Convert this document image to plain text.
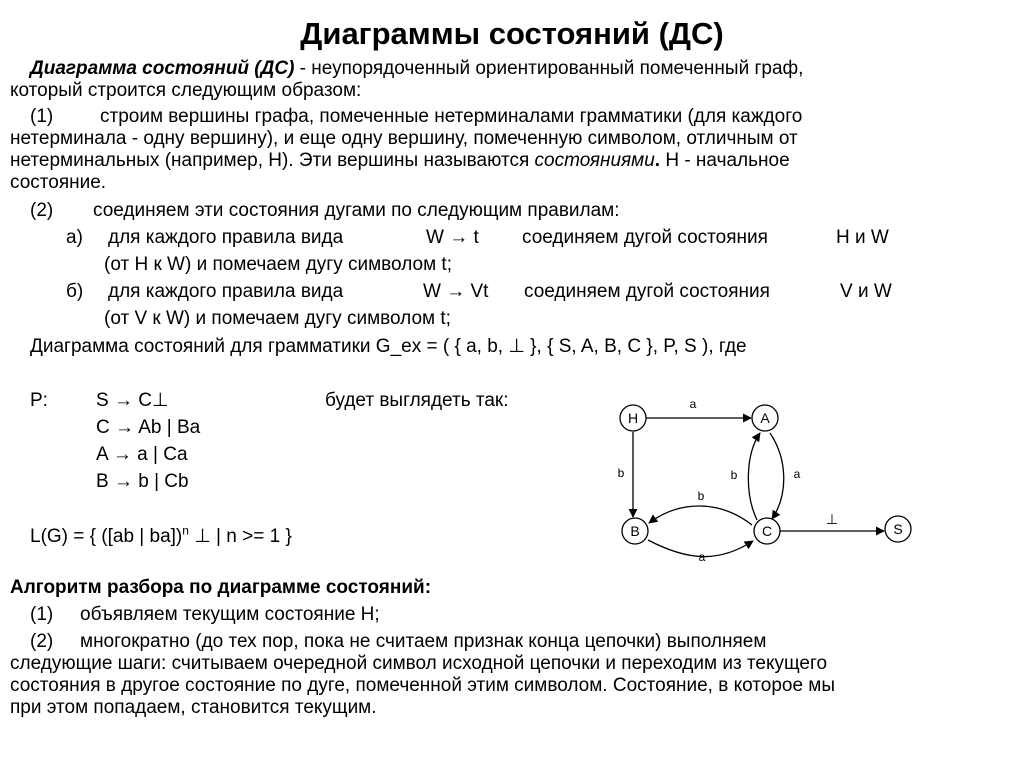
Диаграммы состояний (ДС)
Диаграмма состояний (ДС) - неупорядоченный ориентированный помеченный граф,
который строится следующим образом:
(1) строим вершины графа, помеченные нетерминалами грамматики (для каждого
нетерминала - одну вершину), и еще одну вершину, помеченную символом, отличным от
нетерминальных (например, Н). Эти вершины называются состояниями. Н - начальное
состояние.
(2) соединяем эти состояния дугами по следующим правилам:
а) для каждого правила вида	W → t соединяем дугой состояния	Н и W
(от Н к W) и помечаем дугу символом t;
б) для каждого правила вида	W → Vt соединяем дугой состояния	V и W
(от V к W) и помечаем дугу символом t;
Диаграмма состояний для грамматики G_ex = ( { a, b, ⊥ }, { S, A, B, C }, P, S ), где
P:	S → C⊥
C → Ab | Ba
A → a | Ca
B → b | Cb
будет выглядеть так:
L(G) = { ([ab | ba])$^n$ ⊥ | n >= 1 }
H	A
B	C	S
a
b	b	a
b
a
⊥
Алгоритм разбора по диаграмме состояний:
(1) объявляем текущим состояние Н;
(2) многократно (до тех пор, пока не считаем признак конца цепочки) выполняем
следующие шаги: считываем очередной символ исходной цепочки и переходим из текущего
состояния в другое состояние по дуге, помеченной этим символом. Состояние, в которое мы
при этом попадаем, становится текущим.
